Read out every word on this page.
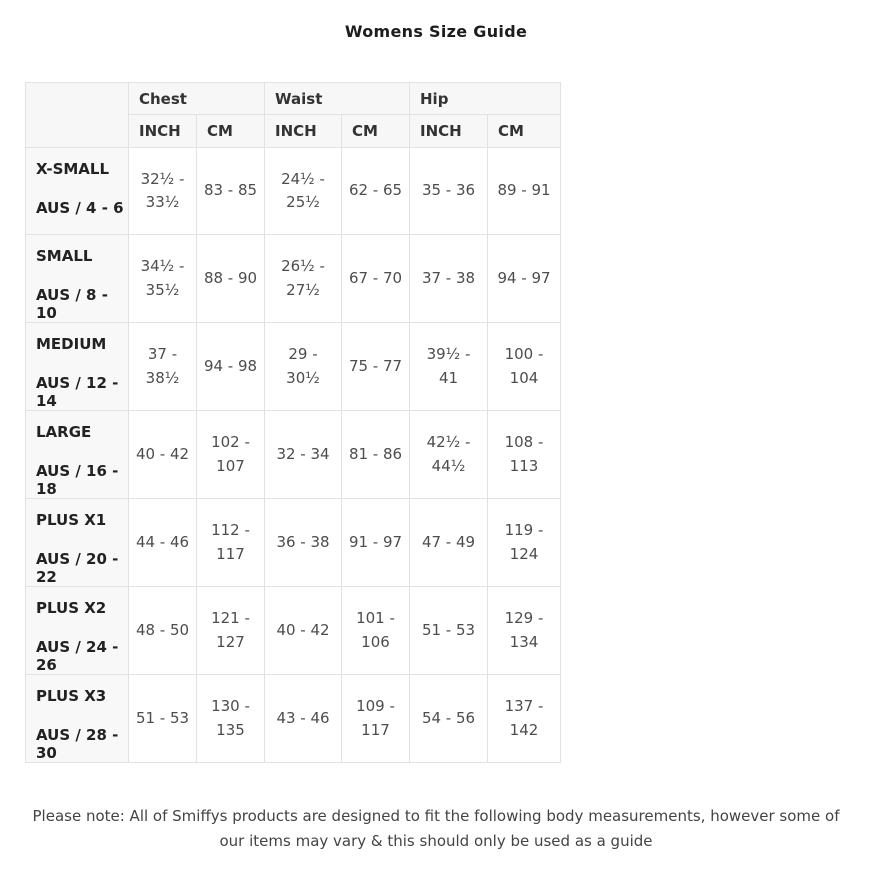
Womens Size Guide
	Chest		Waist		Hip	
	INCH	CM	INCH	CM	INCH	CM

X-SMALL
AUS / 4 - 6	32½ - 33½	83 - 85	24½ - 25½	62 - 65	35 - 36	89 - 91

SMALL
AUS / 8 - 10	34½ - 35½	88 - 90	26½ - 27½	67 - 70	37 - 38	94 - 97

MEDIUM
AUS / 12 - 14	37 - 38½	94 - 98	29 - 30½	75 - 77	39½ - 41	100 - 104

LARGE
AUS / 16 - 18	40 - 42	102 - 107	32 - 34	81 - 86	42½ - 44½	108 - 113

PLUS X1
AUS / 20 - 22	44 - 46	112 - 117	36 - 38	91 - 97	47 - 49	119 - 124

PLUS X2
AUS / 24 - 26	48 - 50	121 - 127	40 - 42	101 - 106	51 - 53	129 - 134

PLUS X3
AUS / 28 - 30	51 - 53	130 - 135	43 - 46	109 - 117	54 - 56	137 - 142

Please note: All of Smiffys products are designed to fit the following body measurements, however some of our items may vary & this should only be used as a guide
